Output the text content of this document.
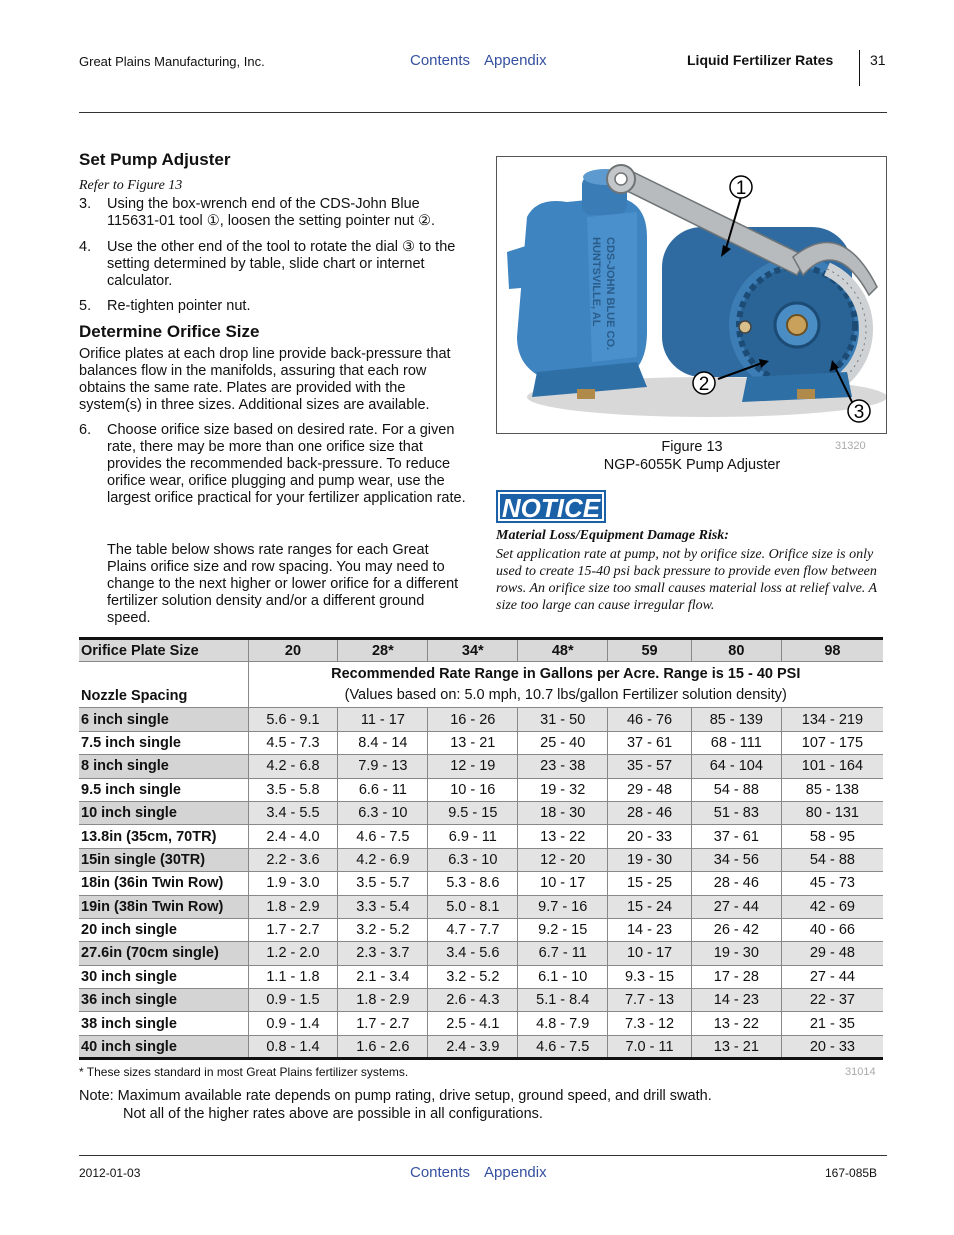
Great Plains Manufacturing, Inc.	Contents Appendix	Liquid Fertilizer Rates	31
Set Pump Adjuster
Refer to Figure 13
3. Using the box-wrench end of the CDS-John Blue 115631-01 tool ①, loosen the setting pointer nut ②.
4. Use the other end of the tool to rotate the dial ③ to the setting determined by table, slide chart or internet calculator.
5. Re-tighten pointer nut.
Determine Orifice Size
Orifice plates at each drop line provide back-pressure that balances flow in the manifolds, assuring that each row obtains the same rate. Plates are provided with the system(s) in three sizes. Additional sizes are available.
6. Choose orifice size based on desired rate. For a given rate, there may be more than one orifice size that provides the recommended back-pressure. To reduce orifice wear, orifice plugging and pump wear, use the largest orifice practical for your fertilizer application rate.
The table below shows rate ranges for each Great Plains orifice size and row spacing. You may need to change to the next higher or lower orifice for a different fertilizer solution density and/or a different ground speed.
CDS-JOHN BLUE CO.
HUNTSVILLE, AL
1
2
3
Figure 13
NGP-6055K Pump Adjuster
31320
NOTICE
Material Loss/Equipment Damage Risk:
Set application rate at pump, not by orifice size. Orifice size is only used to create 15-40 psi back pressure to provide even flow between rows. An orifice size too small causes material loss at relief valve. A size too large can cause irregular flow.
Orifice Plate Size	20	28*	34*	48*	59	80	98
Nozzle Spacing	Recommended Rate Range in Gallons per Acre. Range is 15 - 40 PSI
(Values based on: 5.0 mph, 10.7 lbs/gallon Fertilizer solution density)						

6 inch single	5.6 - 9.1	11 - 17	16 - 26	31 - 50	46 - 76	85 - 139	134 - 219
7.5 inch single	4.5 - 7.3	8.4 - 14	13 - 21	25 - 40	37 - 61	68 - 111	107 - 175
8 inch single	4.2 - 6.8	7.9 - 13	12 - 19	23 - 38	35 - 57	64 - 104	101 - 164
9.5 inch single	3.5 - 5.8	6.6 - 11	10 - 16	19 - 32	29 - 48	54 - 88	85 - 138
10 inch single	3.4 - 5.5	6.3 - 10	9.5 - 15	18 - 30	28 - 46	51 - 83	80 - 131
13.8in (35cm, 70TR)	2.4 - 4.0	4.6 - 7.5	6.9 - 11	13 - 22	20 - 33	37 - 61	58 - 95
15in single (30TR)	2.2 - 3.6	4.2 - 6.9	6.3 - 10	12 - 20	19 - 30	34 - 56	54 - 88
18in (36in Twin Row)	1.9 - 3.0	3.5 - 5.7	5.3 - 8.6	10 - 17	15 - 25	28 - 46	45 - 73
19in (38in Twin Row)	1.8 - 2.9	3.3 - 5.4	5.0 - 8.1	9.7 - 16	15 - 24	27 - 44	42 - 69
20 inch single	1.7 - 2.7	3.2 - 5.2	4.7 - 7.7	9.2 - 15	14 - 23	26 - 42	40 - 66
27.6in (70cm single)	1.2 - 2.0	2.3 - 3.7	3.4 - 5.6	6.7 - 11	10 - 17	19 - 30	29 - 48
30 inch single	1.1 - 1.8	2.1 - 3.4	3.2 - 5.2	6.1 - 10	9.3 - 15	17 - 28	27 - 44
36 inch single	0.9 - 1.5	1.8 - 2.9	2.6 - 4.3	5.1 - 8.4	7.7 - 13	14 - 23	22 - 37
38 inch single	0.9 - 1.4	1.7 - 2.7	2.5 - 4.1	4.8 - 7.9	7.3 - 12	13 - 22	21 - 35
40 inch single	0.8 - 1.4	1.6 - 2.6	2.4 - 3.9	4.6 - 7.5	7.0 - 11	13 - 21	20 - 33
* These sizes standard in most Great Plains fertilizer systems.	31014
Note: Maximum available rate depends on pump rating, drive setup, ground speed, and drill swath.
Not all of the higher rates above are possible in all configurations.
2012-01-03	Contents Appendix	167-085B
